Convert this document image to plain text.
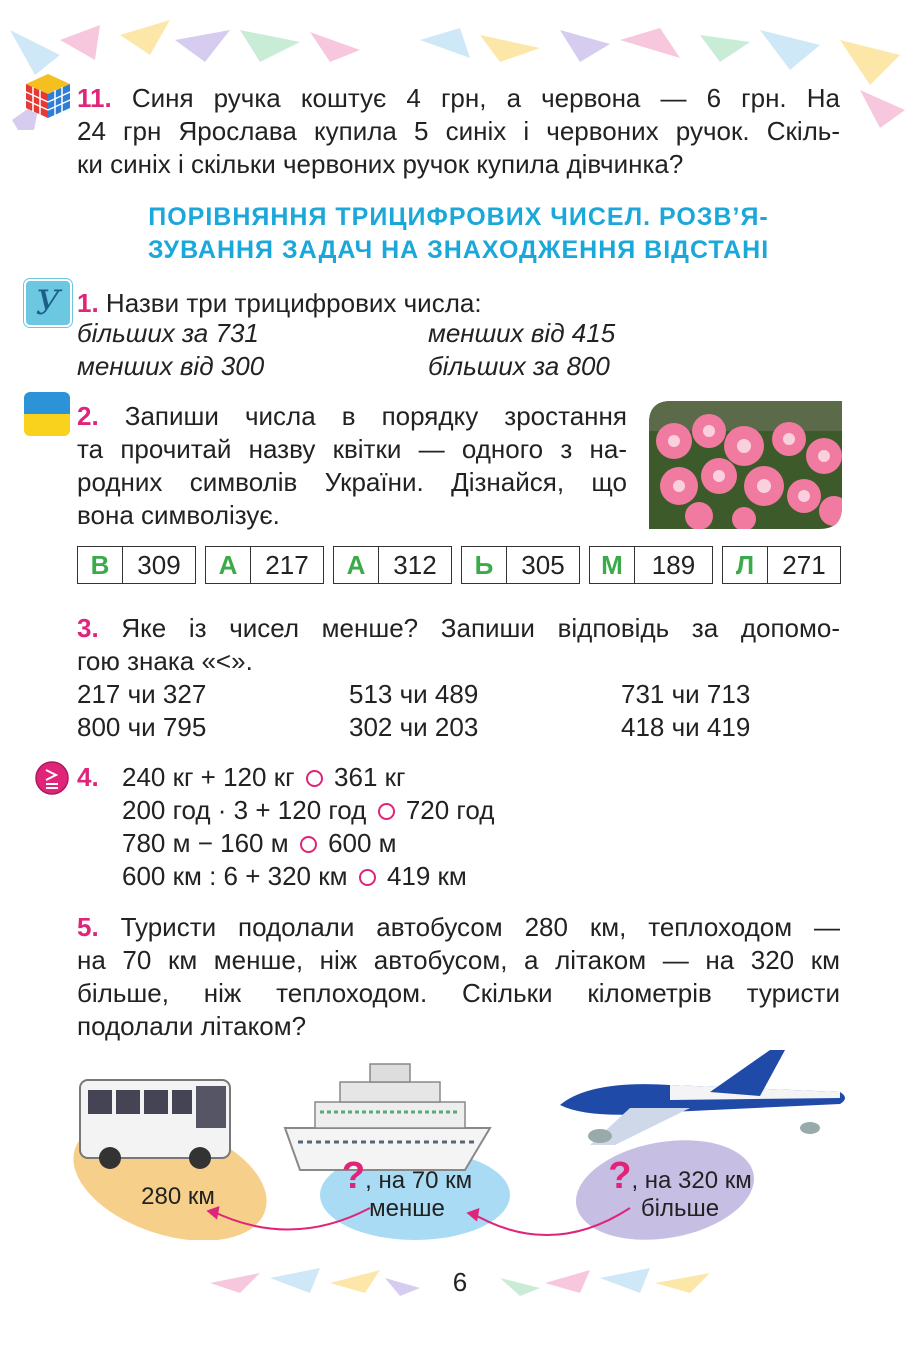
11. Синя ручка коштує 4 грн, а червона — 6 грн. На
24 грн Ярослава купила 5 синіх і червоних ручок. Скіль-
ки синіх і скільки червоних ручок купила дівчинка?
ПОРІВНЯННЯ ТРИЦИФРОВИХ ЧИСЕЛ. РОЗВ’Я-
ЗУВАННЯ ЗАДАЧ НА ЗНАХОДЖЕННЯ ВІДСТАНІ
У 1. Назви три трицифрових числа:
більших за 731	менших від 415
менших від 300	більших за 800
2. Запиши числа в порядку зростання
та прочитай назву квітки — одного з на-
родних символів України. Дізнайся, що
вона символізує.
В	309	А	217	А	312	Ь	305	М	189	Л	271
3. Яке із чисел менше? Запиши відповідь за допомо-
гою знака «<».
217 чи 327	513 чи 489	731 чи 713
800 чи 795	302 чи 203	418 чи 419
4. 240 кг + 120 кг 361 кг
200 год · 3 + 120 год 720 год
780 м − 160 м 600 м
600 км : 6 + 320 км 419 км
5. Туристи подолали автобусом 280 км, теплоходом —
на 70 км менше, ніж автобусом, а літаком — на 320 км
більше, ніж теплоходом. Скільки кілометрів туристи
подолали літаком?
280 км	?, на 70 км
менше
?, на 320 км
більше
6
